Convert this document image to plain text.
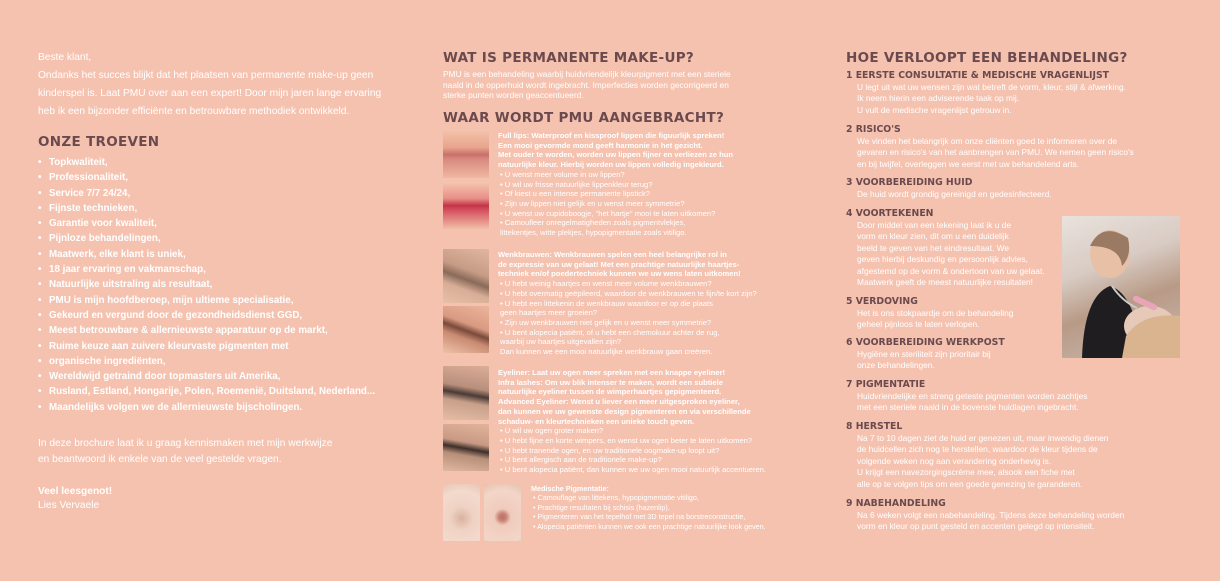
Beste klant,

Ondanks het succes blijkt dat het plaatsen van permanente make-up geen

kinderspel is. Laat PMU over aan een expert! Door mijn jaren lange ervaring

heb ik een bijzonder efficiënte en betrouwbare methodiek ontwikkeld.

ONZE TROEVEN
• Topkwaliteit,
• Professionaliteit,
• Service 7/7 24/24,
• Fijnste technieken,
• Garantie voor kwaliteit,
• Pijnloze behandelingen,
• Maatwerk, elke klant is uniek,
• 18 jaar ervaring en vakmanschap,
• Natuurlijke uitstraling als resultaat,
• PMU is mijn hoofdberoep, mijn ultieme specialisatie,
• Gekeurd en vergund door de gezondheidsdienst GGD,
• Meest betrouwbare & allernieuwste apparatuur op de markt,
• Ruime keuze aan zuivere kleurvaste pigmenten met
• organische ingrediënten,
• Wereldwijd getraind door topmasters uit Amerika,
• Rusland, Estland, Hongarije, Polen, Roemenië, Duitsland, Nederland...
• Maandelijks volgen we de allernieuwste bijscholingen.

In deze brochure laat ik u graag kennismaken met mijn werkwijze

en beantwoord ik enkele van de veel gestelde vragen.

Veel leesgenot!

Lies Vervaele

WAT IS PERMANENTE MAKE-UP?
PMU is een behandeling waarbij huidvriendelijk kleurpigment met een steriele
naald in de opperhuid wordt ingebracht. Imperfecties worden gecorrigeerd en
sterke punten worden geaccentueerd.
WAAR WORDT PMU AANGEBRACHT?
Full lips: Waterproof en kissproof lippen die figuurlijk spreken!
Een mooi gevormde mond geeft harmonie in het gezicht.
Met ouder te worden, worden uw lippen fijner en verliezen ze hun
natuurlijke kleur. Hierbij worden uw lippen volledig ingekleurd.
• U wenst meer volume in uw lippen?
• U wil uw frisse natuurlijke lippenkleur terug?
• Of kiest u een intense permanente lipstick?
• Zijn uw lippen niet gelijk en u wenst meer symmetrie?
• U wenst uw cupidoboogje, "het hartje" mooi te laten uitkomen?
• Camoufleer onregelmatigheden zoals pigmentvlekjes,
littekentjes, witte plekjes, hypopigmentatie zoals vitiligo.
Wenkbrauwen: Wenkbrauwen spelen een heel belangrijke rol in
de expressie van uw gelaat! Met een prachtige natuurlijke haartjes-
techniek en/of poedertechniek kunnen we uw wens laten uitkomen!
• U hebt weinig haartjes en wenst meer volume wenkbrauwen?
• U hebt overmatig geëpileerd, waardoor de wenkbrauwen te fijn/te kort zijn?
• U hebt een littekenin de wenkbrauw waardoor er op die plaats
geen haartjes meer groeien?
• Zijn uw wenkbrauwen niet gelijk en u wenst meer symmetrie?
• U bent alopecia patiënt, of u hebt een chemokuur achter de rug,
waarbij uw haartjes uitgevallen zijn?
Dan kunnen we een mooi natuurlijke wenkbrauw gaan creëren.
Eyeliner: Laat uw ogen meer spreken met een knappe eyeliner!
Infra lashes: Om uw blik intenser te maken, wordt een subtiele
natuurlijke eyeliner tussen de wimperhaartjes gepigmenteerd.
Advanced Eyeliner: Wenst u liever een meer uitgesproken eyeliner,
dan kunnen we uw gewenste design pigmenteren en via verschillende
schaduw- en kleurtechnieken een unieke touch geven.
• U wil uw ogen groter maken?
• U hebt fijne en korte wimpers, en wenst uw ogen beter te laten uitkomen?
• U hebt tranende ogen, en uw traditionele oogmake-up loopt uit?
• U bent allergisch aan de traditionele make-up?
• U bent alopecia patiënt, dan kunnen we uw ogen mooi natuurlijk accentueren.
Medische Pigmentatie:
• Camouflage van littekens, hypopigmentatie vitiligo,
• Prachtige resultaten bij schisis (hazenlip),
• Pigmenteren van het tepelhof met 3D tepel na borstreconstructie,
• Alopecia patiënten kunnen we ook een prachtige natuurlijke look geven.
HOE VERLOOPT EEN BEHANDELING?

1 EERSTE CONSULTATIE & MEDISCHE VRAGENLIJST

U legt uit wat uw wensen zijn wat betreft de vorm, kleur, stijl & afwerking.

Ik neem hierin een adviserende taak op mij.

U vult de medische vragenlijst getrouw in.

2 RISICO'S

We vinden het belangrijk om onze cliënten goed te informeren over de

gevaren en risico's van het aanbrengen van PMU. We nemen geen risico's

en bij twijfel, overleggen we eerst met uw behandelend arts.

3 VOORBEREIDING HUID

De huid wordt grondig gereinigd en gedesinfecteerd.

4 VOORTEKENEN

Door middel van een tekening laat ik u de

vorm en kleur zien, dit om u een duidelijk

beeld te geven van het eindresultaat. We

geven hierbij deskundig en persoonlijk advies,

afgestemd op de vorm & ondertoon van uw gelaat.

Maatwerk geeft de meest natuurlijke resultaten!

5 VERDOVING

Het is ons stokpaardje om de behandeling

geheel pijnloos te laten verlopen.

6 VOORBEREIDING WERKPOST

Hygiëne en steriliteit zijn prioritair bij

onze behandelingen.

7 PIGMENTATIE

Huidvriendelijke en streng geteste pigmenten worden zachtjes

met een steriele naald in de bovenste huidlagen ingebracht.

8 HERSTEL

Na 7 to 10 dagen ziet de huid er genezen uit, maar inwendig dienen

de huidcellen zich nog te herstellen, waardoor de kleur tijdens de

volgende weken nog aan verandering onderhevig is.

U krijgt een navezorgingscrème mee, alsook een fiche met

alle op te volgen tips om een goede genezing te garanderen.

9 NABEHANDELING

Na 6 weken volgt een nabehandeling. Tijdens deze behandeling worden

vorm en kleur op punt gesteld en accenten gelegd op intensiteit.
